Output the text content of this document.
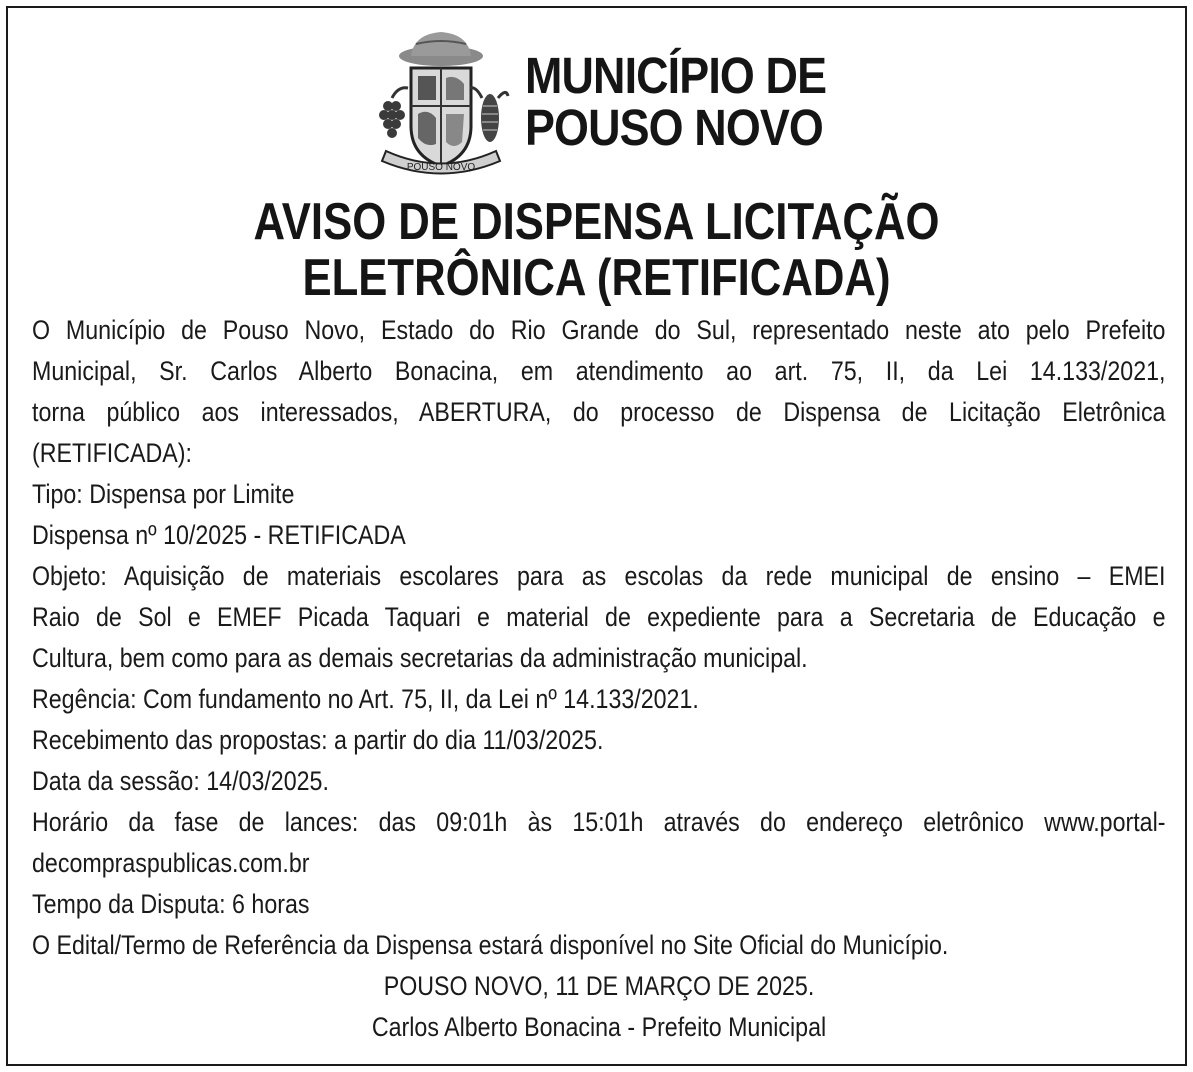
POUSO NOVO
MUNICÍPIO DE
POUSO NOVO
AVISO DE DISPENSA LICITAÇÃO
ELETRÔNICA (RETIFICADA)
O Município de Pouso Novo, Estado do Rio Grande do Sul, representado neste ato pelo Prefeito
Municipal, Sr. Carlos Alberto Bonacina, em atendimento ao art. 75, II, da Lei 14.133/2021,
torna público aos interessados, ABERTURA, do processo de Dispensa de Licitação Eletrônica
(RETIFICADA):
Tipo: Dispensa por Limite
Dispensa nº 10/2025 - RETIFICADA
Objeto: Aquisição de materiais escolares para as escolas da rede municipal de ensino – EMEI
Raio de Sol e EMEF Picada Taquari e material de expediente para a Secretaria de Educação e
Cultura, bem como para as demais secretarias da administração municipal.
Regência: Com fundamento no Art. 75, II, da Lei nº 14.133/2021.
Recebimento das propostas: a partir do dia 11/03/2025.
Data da sessão: 14/03/2025.
Horário da fase de lances: das 09:01h às 15:01h através do endereço eletrônico www.portal-
decompraspublicas.com.br
Tempo da Disputa: 6 horas
O Edital/Termo de Referência da Dispensa estará disponível no Site Oficial do Município.
POUSO NOVO, 11 DE MARÇO DE 2025.
Carlos Alberto Bonacina - Prefeito Municipal
